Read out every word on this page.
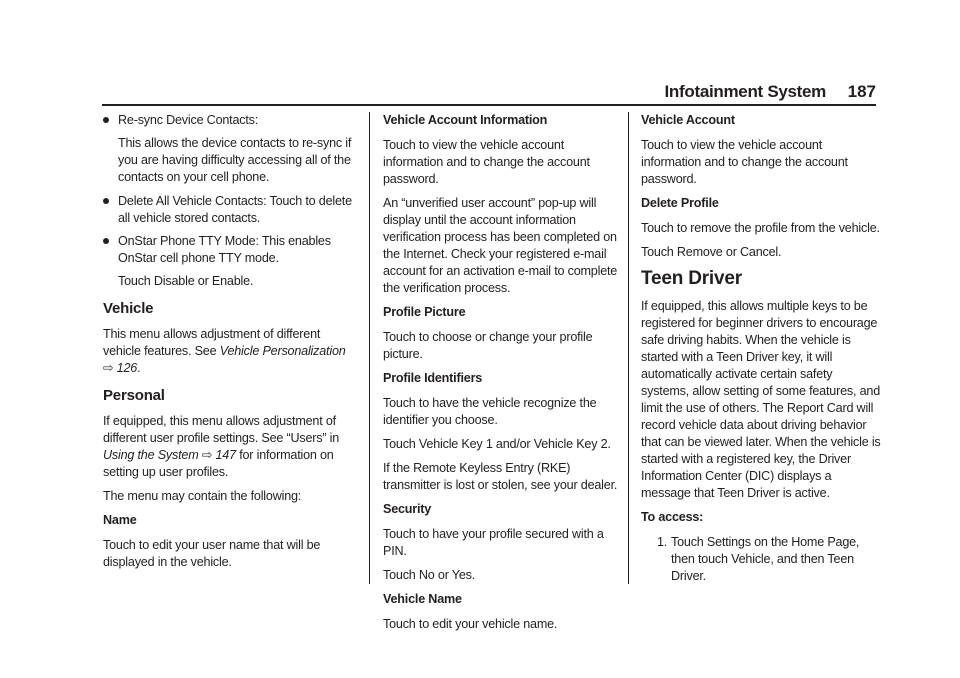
Infotainment System 187
Re-sync Device Contacts:

This allows the device contacts to re-sync if you are having difficulty accessing all of the contacts on your cell phone.

Delete All Vehicle Contacts: Touch to delete all vehicle stored contacts.
OnStar Phone TTY Mode: This enables OnStar cell phone TTY mode.

Touch Disable or Enable.

Vehicle

This menu allows adjustment of different vehicle features. See Vehicle Personalization
⇨ 126.

Personal

If equipped, this menu allows adjustment of different user profile settings. See “Users” in Using the System ⇨ 147 for information on setting up user profiles.

The menu may contain the following:

Name

Touch to edit your user name that will be displayed in the vehicle.

Vehicle Account Information

Touch to view the vehicle account information and to change the account password.

An “unverified user account” pop-up will display until the account information verification process has been completed on the Internet. Check your registered e-mail account for an activation e-mail to complete the verification process.

Profile Picture

Touch to choose or change your profile picture.

Profile Identifiers

Touch to have the vehicle recognize the identifier you choose.

Touch Vehicle Key 1 and/or Vehicle Key 2.

If the Remote Keyless Entry (RKE) transmitter is lost or stolen, see your dealer.

Security

Touch to have your profile secured with a PIN.

Touch No or Yes.

Vehicle Name

Touch to edit your vehicle name.

Vehicle Account

Touch to view the vehicle account information and to change the account password.

Delete Profile

Touch to remove the profile from the vehicle.

Touch Remove or Cancel.

Teen Driver

If equipped, this allows multiple keys to be registered for beginner drivers to encourage safe driving habits. When the vehicle is started with a Teen Driver key, it will automatically activate certain safety systems, allow setting of some features, and limit the use of others. The Report Card will record vehicle data about driving behavior that can be viewed later. When the vehicle is started with a registered key, the Driver Information Center (DIC) displays a message that Teen Driver is active.

To access:

1. Touch Settings on the Home Page, then touch Vehicle, and then Teen Driver.
